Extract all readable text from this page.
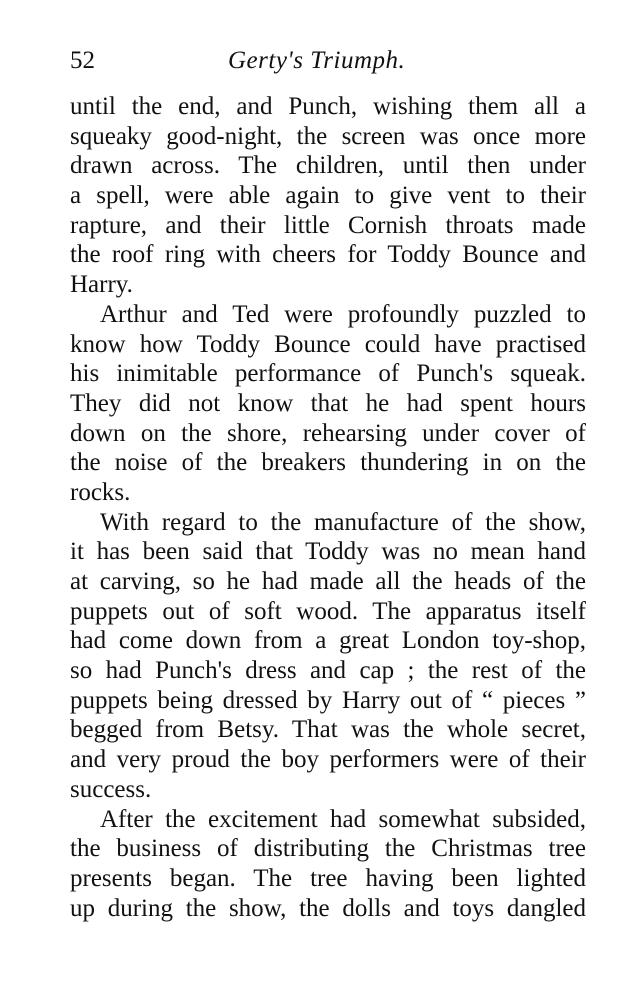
52	Gerty's Triumph.
until the end, and Punch, wishing them all a
squeaky good-night, the screen was once more
drawn across. The children, until then under
a spell, were able again to give vent to their
rapture, and their little Cornish throats made
the roof ring with cheers for Toddy Bounce and
Harry.
Arthur and Ted were profoundly puzzled to
know how Toddy Bounce could have practised
his inimitable performance of Punch's squeak.
They did not know that he had spent hours
down on the shore, rehearsing under cover of
the noise of the breakers thundering in on the
rocks.
With regard to the manufacture of the show,
it has been said that Toddy was no mean hand
at carving, so he had made all the heads of the
puppets out of soft wood. The apparatus itself
had come down from a great London toy-shop,
so had Punch's dress and cap ; the rest of the
puppets being dressed by Harry out of “ pieces ”
begged from Betsy. That was the whole secret,
and very proud the boy performers were of their
success.
After the excitement had somewhat subsided,
the business of distributing the Christmas tree
presents began. The tree having been lighted
up during the show, the dolls and toys dangled
